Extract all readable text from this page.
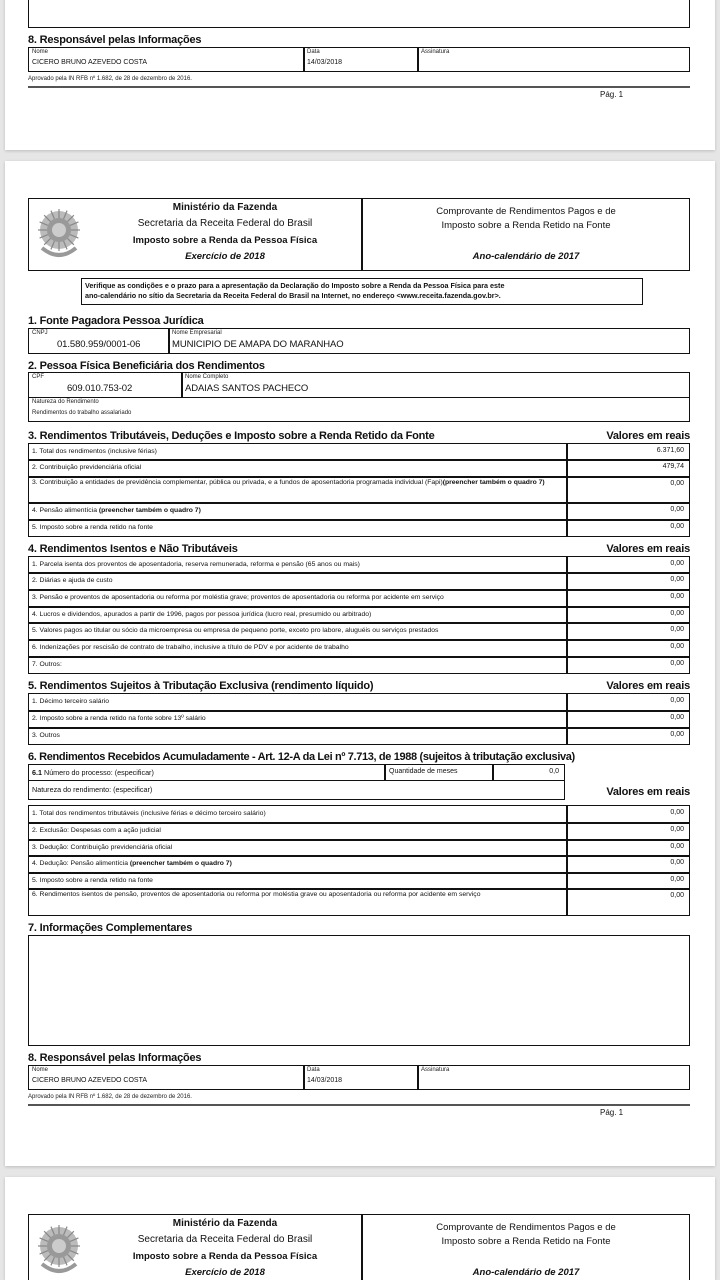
8. Responsável pelas Informações
Nome
CICERO BRUNO AZEVEDO COSTA
Data
14/03/2018
Assinatura
Aprovado pela IN RFB nº 1.682, de 28 de dezembro de 2016.
Pág. 1
Ministério da Fazenda
Secretaria da Receita Federal do Brasil
Imposto sobre a Renda da Pessoa Física
Exercício de 2018
Comprovante de Rendimentos Pagos e de
Imposto sobre a Renda Retido na Fonte
Ano-calendário de 2017
Verifique as condições e o prazo para a apresentação da Declaração do Imposto sobre a Renda da Pessoa Física para este
ano-calendário no sítio da Secretaria da Receita Federal do Brasil na Internet, no endereço <www.receita.fazenda.gov.br>.
1. Fonte Pagadora Pessoa Jurídica
CNPJ
01.580.959/0001-06
Nome Empresarial
MUNICIPIO DE AMAPA DO MARANHAO
2. Pessoa Física Beneficiária dos Rendimentos
CPF
609.010.753-02
Nome Completo
ADAIAS SANTOS PACHECO
Natureza do Rendimento
Rendimentos do trabalho assalariado
3. Rendimentos Tributáveis, Deduções e Imposto sobre a Renda Retido da Fonte	Valores em reais
1. Total dos rendimentos (inclusive férias)	6.371,60
2. Contribuição previdenciária oficial	479,74
3. Contribuição a entidades de previdência complementar, pública ou privada, e a fundos de aposentadoria programada individual (Fapi)(preencher também o quadro 7)	0,00
4. Pensão alimentícia (preencher também o quadro 7)	0,00
5. Imposto sobre a renda retido na fonte	0,00
4. Rendimentos Isentos e Não Tributáveis	Valores em reais
1. Parcela isenta dos proventos de aposentadoria, reserva remunerada, reforma e pensão (65 anos ou mais)	0,00
2. Diárias e ajuda de custo	0,00
3. Pensão e proventos de aposentadoria ou reforma por moléstia grave; proventos de aposentadoria ou reforma por acidente em serviço	0,00
4. Lucros e dividendos, apurados a partir de 1996, pagos por pessoa jurídica (lucro real, presumido ou arbitrado)	0,00
5. Valores pagos ao titular ou sócio da microempresa ou empresa de pequeno porte, exceto pro labore, aluguéis ou serviços prestados	0,00
6. Indenizações por rescisão de contrato de trabalho, inclusive a título de PDV e por acidente de trabalho	0,00
7. Outros:	0,00
5. Rendimentos Sujeitos à Tributação Exclusiva (rendimento líquido)	Valores em reais
1. Décimo terceiro salário	0,00
2. Imposto sobre a renda retido na fonte sobre 13º salário	0,00
3. Outros	0,00
6. Rendimentos Recebidos Acumuladamente - Art. 12-A da Lei nº 7.713, de 1988 (sujeitos à tributação exclusiva)
6.1 Número do processo: (especificar)	Quantidade de meses	0,0
Natureza do rendimento: (especificar)	Valores em reais
1. Total dos rendimentos tributáveis (inclusive férias e décimo terceiro salário)	0,00
2. Exclusão: Despesas com a ação judicial	0,00
3. Dedução: Contribuição previdenciária oficial	0,00
4. Dedução: Pensão alimentícia (preencher também o quadro 7)	0,00
5. Imposto sobre a renda retido na fonte	0,00
6. Rendimentos isentos de pensão, proventos de aposentadoria ou reforma por moléstia grave ou aposentadoria ou reforma por acidente em serviço	0,00
7. Informações Complementares
8. Responsável pelas Informações
Nome
CICERO BRUNO AZEVEDO COSTA
Data
14/03/2018
Assinatura
Aprovado pela IN RFB nº 1.682, de 28 de dezembro de 2016.
Pág. 1
Ministério da Fazenda
Secretaria da Receita Federal do Brasil
Imposto sobre a Renda da Pessoa Física
Exercício de 2018
Comprovante de Rendimentos Pagos e de
Imposto sobre a Renda Retido na Fonte
Ano-calendário de 2017
